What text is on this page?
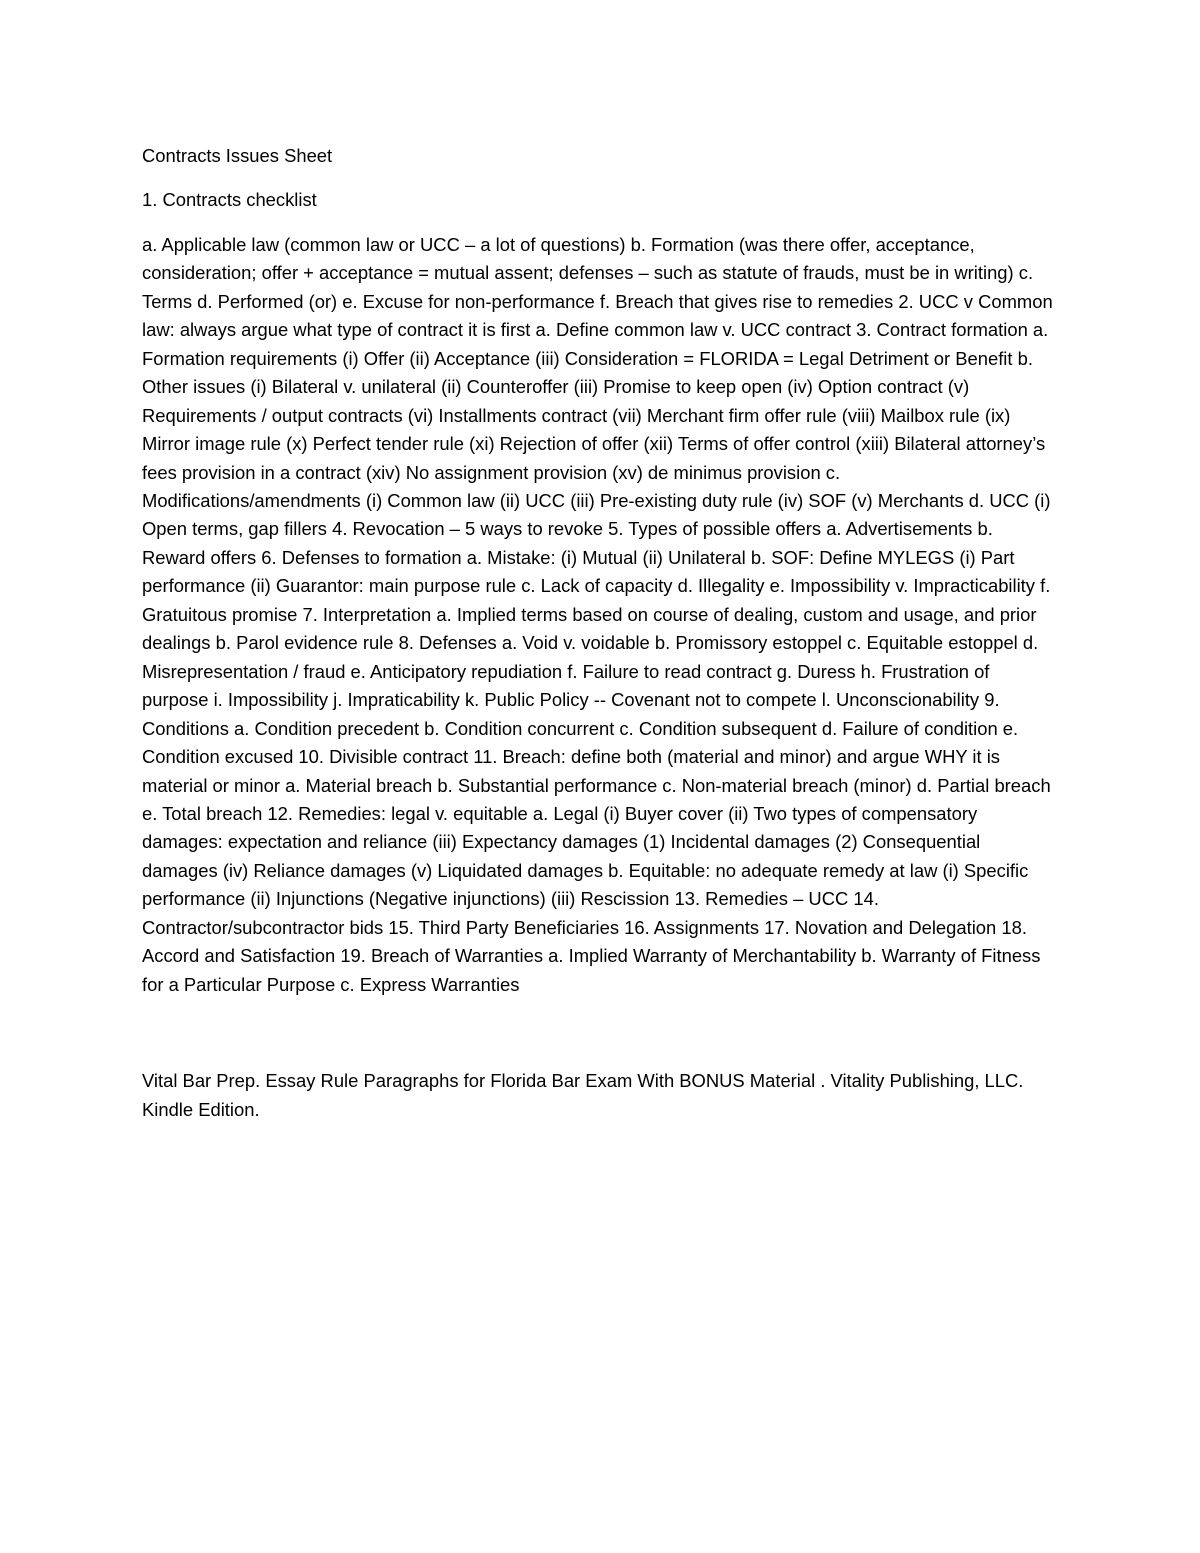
Contracts Issues Sheet

1. Contracts checklist

a. Applicable law (common law or UCC – a lot of questions) b. Formation (was there offer, acceptance, consideration; offer + acceptance = mutual assent; defenses – such as statute of frauds, must be in writing) c. Terms d. Performed (or) e. Excuse for non-performance f. Breach that gives rise to remedies 2. UCC v Common law: always argue what type of contract it is first a. Define common law v. UCC contract 3. Contract formation a. Formation requirements (i) Offer (ii) Acceptance (iii) Consideration = FLORIDA = Legal Detriment or Benefit b. Other issues (i) Bilateral v. unilateral (ii) Counteroffer (iii) Promise to keep open (iv) Option contract (v) Requirements / output contracts (vi) Installments contract (vii) Merchant firm offer rule (viii) Mailbox rule (ix) Mirror image rule (x) Perfect tender rule (xi) Rejection of offer (xii) Terms of offer control (xiii) Bilateral attorney’s fees provision in a contract (xiv) No assignment provision (xv) de minimus provision c. Modifications/amendments (i) Common law (ii) UCC (iii) Pre-existing duty rule (iv) SOF (v) Merchants d. UCC (i) Open terms, gap fillers 4. Revocation – 5 ways to revoke 5. Types of possible offers a. Advertisements b. Reward offers 6. Defenses to formation a. Mistake: (i) Mutual (ii) Unilateral b. SOF: Define MYLEGS (i) Part performance (ii) Guarantor: main purpose rule c. Lack of capacity d. Illegality e. Impossibility v. Impracticability f. Gratuitous promise 7. Interpretation a. Implied terms based on course of dealing, custom and usage, and prior dealings b. Parol evidence rule 8. Defenses a. Void v. voidable b. Promissory estoppel c. Equitable estoppel d. Misrepresentation / fraud e. Anticipatory repudiation f. Failure to read contract g. Duress h. Frustration of purpose i. Impossibility j. Impraticability k. Public Policy -- Covenant not to compete l. Unconscionability 9. Conditions a. Condition precedent b. Condition concurrent c. Condition subsequent d. Failure of condition e. Condition excused 10. Divisible contract 11. Breach: define both (material and minor) and argue WHY it is material or minor a. Material breach b. Substantial performance c. Non-material breach (minor) d. Partial breach e. Total breach 12. Remedies: legal v. equitable a. Legal (i) Buyer cover (ii) Two types of compensatory damages: expectation and reliance (iii) Expectancy damages (1) Incidental damages (2) Consequential damages (iv) Reliance damages (v) Liquidated damages b. Equitable: no adequate remedy at law (i) Specific performance (ii) Injunctions (Negative injunctions) (iii) Rescission 13. Remedies – UCC 14. Contractor/subcontractor bids 15. Third Party Beneficiaries 16. Assignments 17. Novation and Delegation 18. Accord and Satisfaction 19. Breach of Warranties a. Implied Warranty of Merchantability b. Warranty of Fitness for a Particular Purpose c. Express Warranties

Vital Bar Prep. Essay Rule Paragraphs for Florida Bar Exam With BONUS Material . Vitality Publishing, LLC. Kindle Edition.
